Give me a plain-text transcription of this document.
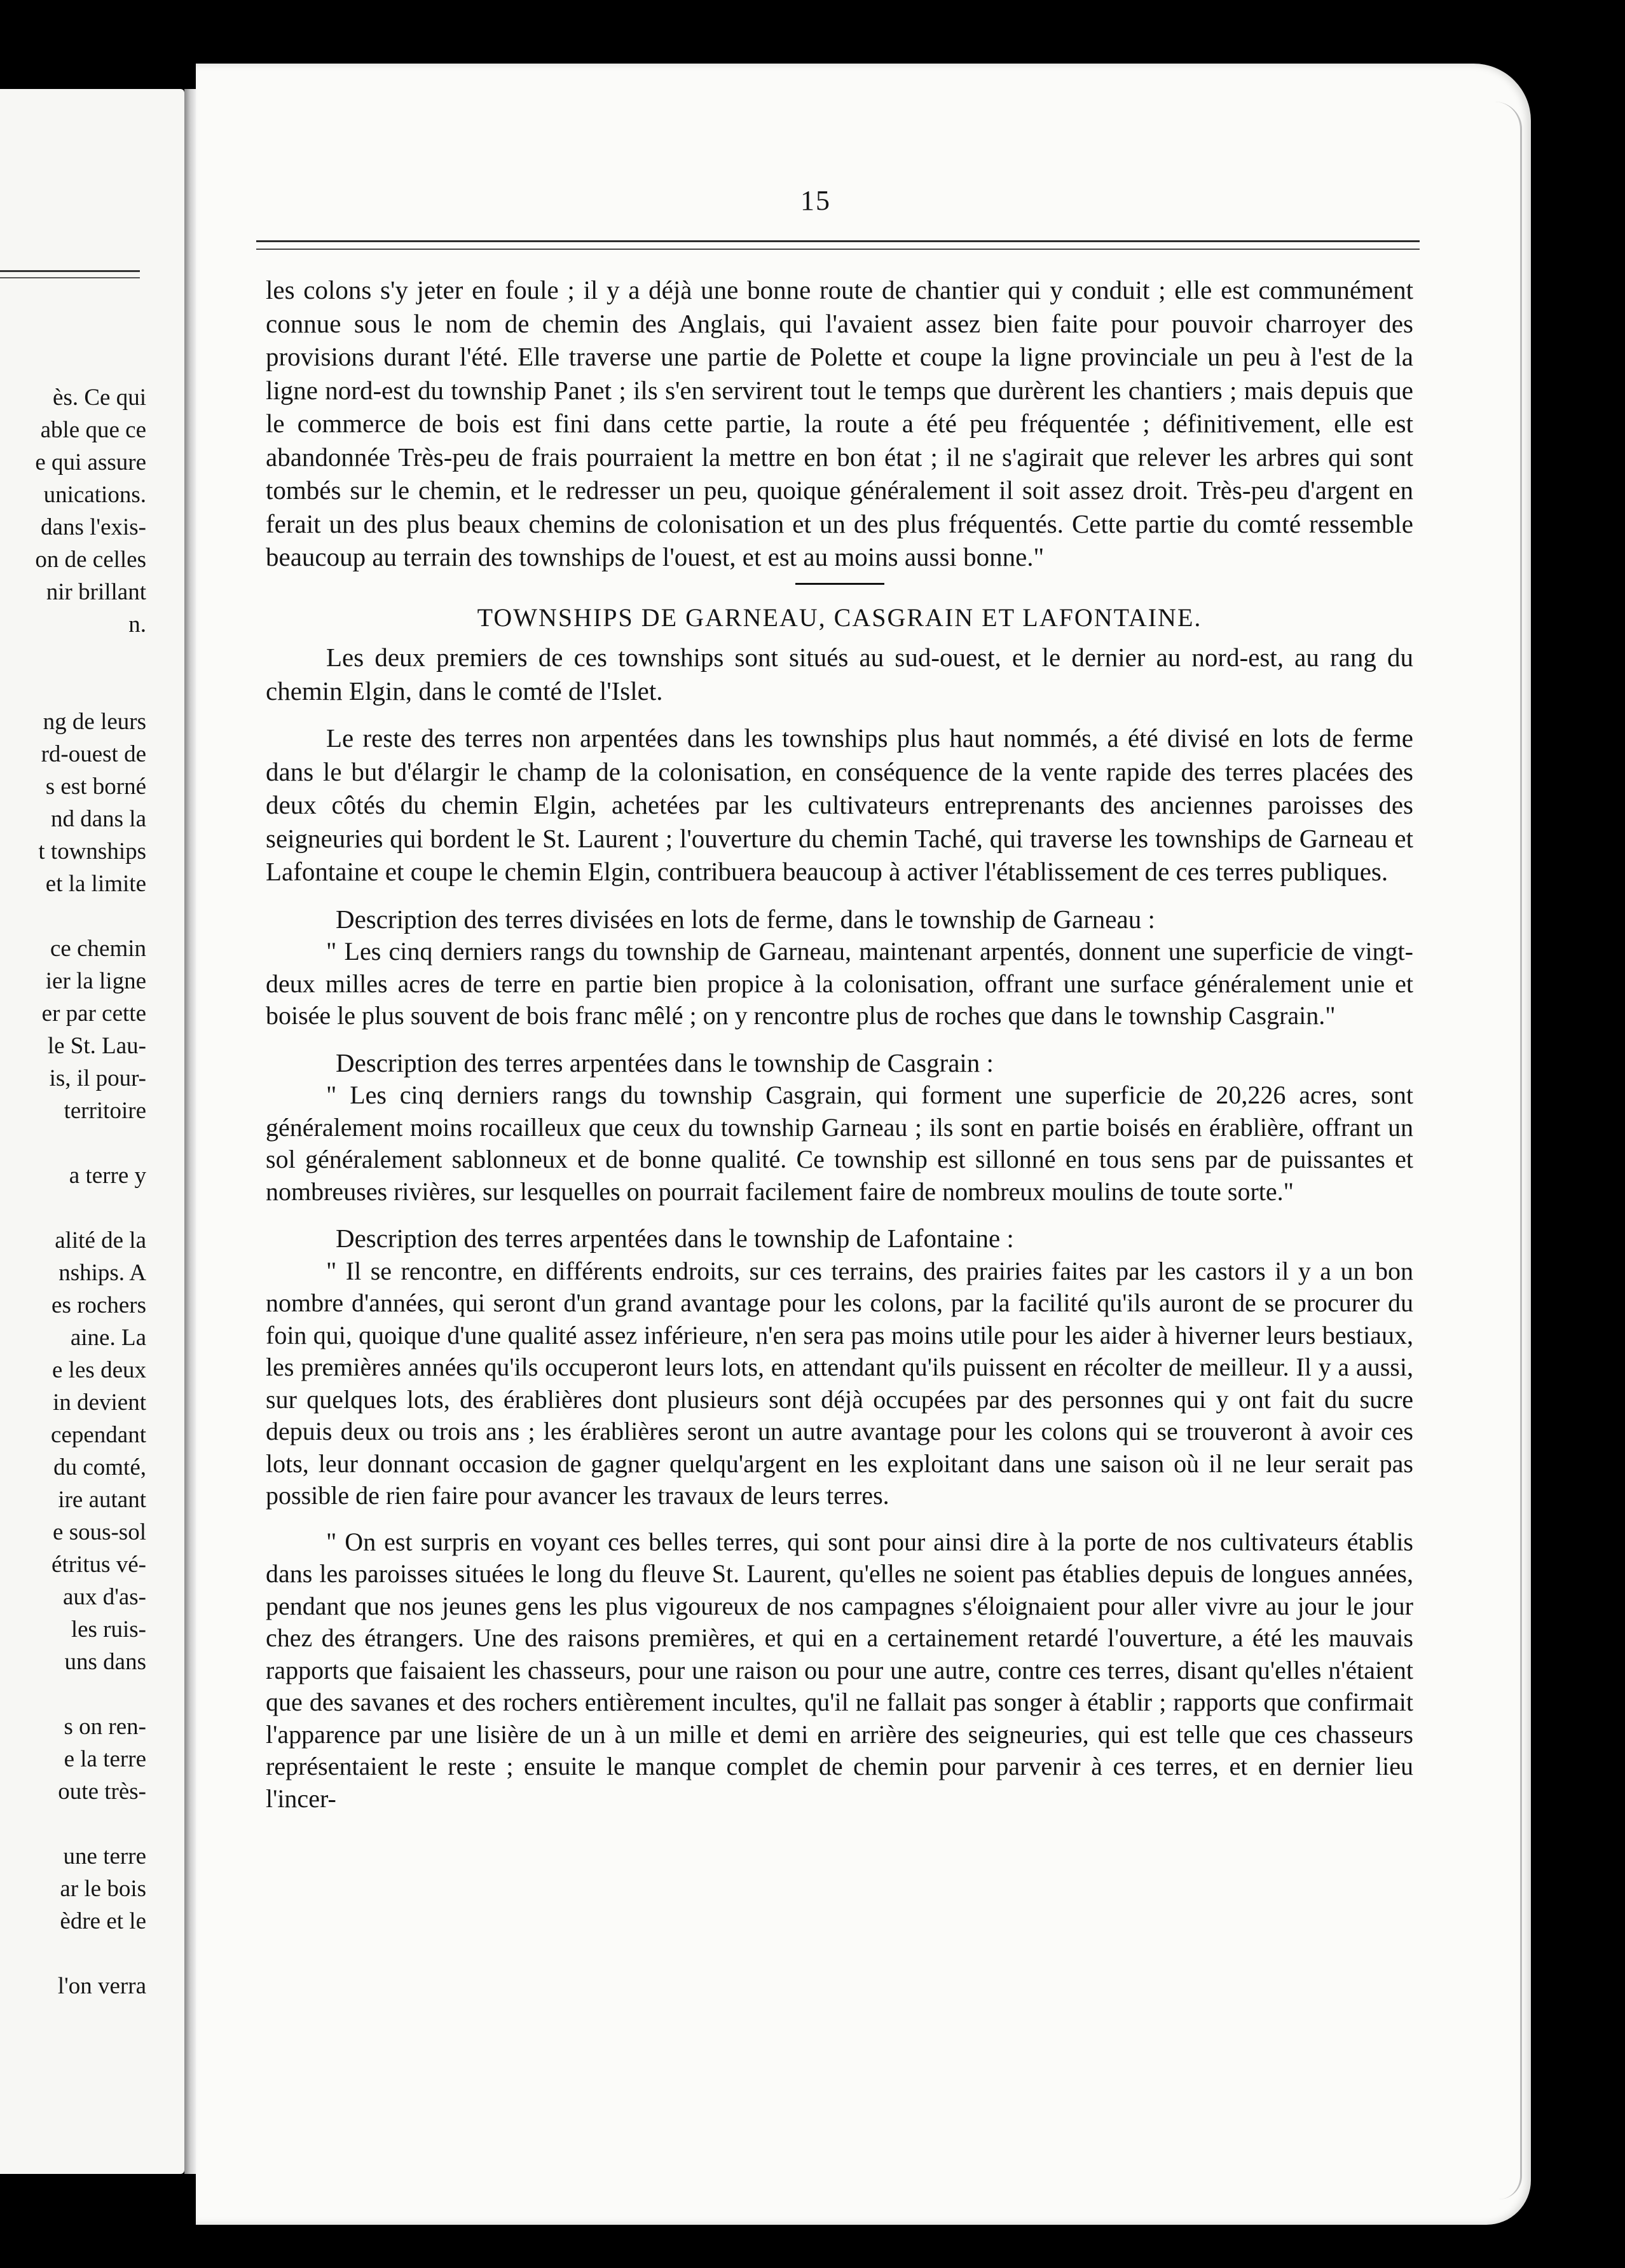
ès. Ce qui
able que ce
e qui assure
unications.
dans l'exis-
on de celles
nir brillant
n.
ng de leurs
rd-ouest de
s est borné
nd dans la
t townships
et la limite
ce chemin
ier la ligne
er par cette
le St. Lau-
is, il pour-
territoire
a terre y
alité de la
nships. A
es rochers
aine. La
e les deux
in devient
cependant
du comté,
ire autant
e sous-sol
étritus vé-
aux d'as-
les ruis-
uns dans
s on ren-
e la terre
oute très-
une terre
ar le bois
èdre et le
l'on verra
15

les colons s'y jeter en foule ; il y a déjà une bonne route de chantier qui y conduit ; elle est communément connue sous le nom de chemin des Anglais, qui l'avaient assez bien faite pour pouvoir charroyer des provisions durant l'été. Elle traverse une partie de Polette et coupe la ligne provinciale un peu à l'est de la ligne nord-est du township Panet ; ils s'en servirent tout le temps que durèrent les chantiers ; mais depuis que le commerce de bois est fini dans cette partie, la route a été peu fréquentée ; définitivement, elle est abandonnée Très-peu de frais pourraient la mettre en bon état ; il ne s'agirait que relever les arbres qui sont tombés sur le chemin, et le redresser un peu, quoique généralement il soit assez droit. Très-peu d'argent en ferait un des plus beaux chemins de colonisation et un des plus fréquentés. Cette partie du comté ressemble beaucoup au terrain des townships de l'ouest, et est au moins aussi bonne."

TOWNSHIPS DE GARNEAU, CASGRAIN ET LAFONTAINE.

Les deux premiers de ces townships sont situés au sud-ouest, et le dernier au nord-est, au rang du chemin Elgin, dans le comté de l'Islet.

Le reste des terres non arpentées dans les townships plus haut nommés, a été divisé en lots de ferme dans le but d'élargir le champ de la colonisation, en conséquence de la vente rapide des terres placées des deux côtés du chemin Elgin, achetées par les cultivateurs entreprenants des anciennes paroisses des seigneuries qui bordent le St. Laurent ; l'ouverture du chemin Taché, qui traverse les townships de Garneau et Lafontaine et coupe le chemin Elgin, contribuera beaucoup à activer l'établissement de ces terres publiques.

Description des terres divisées en lots de ferme, dans le township de Garneau :

" Les cinq derniers rangs du township de Garneau, maintenant arpentés, donnent une superficie de vingt-deux milles acres de terre en partie bien propice à la colonisation, offrant une surface généralement unie et boisée le plus souvent de bois franc mêlé ; on y rencontre plus de roches que dans le township Casgrain."

Description des terres arpentées dans le township de Casgrain :

" Les cinq derniers rangs du township Casgrain, qui forment une superficie de 20,226 acres, sont généralement moins rocailleux que ceux du township Garneau ; ils sont en partie boisés en érablière, offrant un sol généralement sablonneux et de bonne qualité. Ce township est sillonné en tous sens par de puissantes et nombreuses rivières, sur lesquelles on pourrait facilement faire de nombreux moulins de toute sorte."

Description des terres arpentées dans le township de Lafontaine :

" Il se rencontre, en différents endroits, sur ces terrains, des prairies faites par les castors il y a un bon nombre d'années, qui seront d'un grand avantage pour les colons, par la facilité qu'ils auront de se procurer du foin qui, quoique d'une qualité assez inférieure, n'en sera pas moins utile pour les aider à hiverner leurs bestiaux, les premières années qu'ils occuperont leurs lots, en attendant qu'ils puissent en récolter de meilleur. Il y a aussi, sur quelques lots, des érablières dont plusieurs sont déjà occupées par des personnes qui y ont fait du sucre depuis deux ou trois ans ; les érablières seront un autre avantage pour les colons qui se trouveront à avoir ces lots, leur donnant occasion de gagner quelqu'argent en les exploitant dans une saison où il ne leur serait pas possible de rien faire pour avancer les travaux de leurs terres.

" On est surpris en voyant ces belles terres, qui sont pour ainsi dire à la porte de nos cultivateurs établis dans les paroisses situées le long du fleuve St. Laurent, qu'elles ne soient pas établies depuis de longues années, pendant que nos jeunes gens les plus vigoureux de nos campagnes s'éloignaient pour aller vivre au jour le jour chez des étrangers. Une des raisons premières, et qui en a certainement retardé l'ouverture, a été les mauvais rapports que faisaient les chasseurs, pour une raison ou pour une autre, contre ces terres, disant qu'elles n'étaient que des savanes et des rochers entièrement incultes, qu'il ne fallait pas songer à établir ; rapports que confirmait l'apparence par une lisière de un à un mille et demi en arrière des seigneuries, qui est telle que ces chasseurs représentaient le reste ; ensuite le manque complet de chemin pour parvenir à ces terres, et en dernier lieu l'incer-
